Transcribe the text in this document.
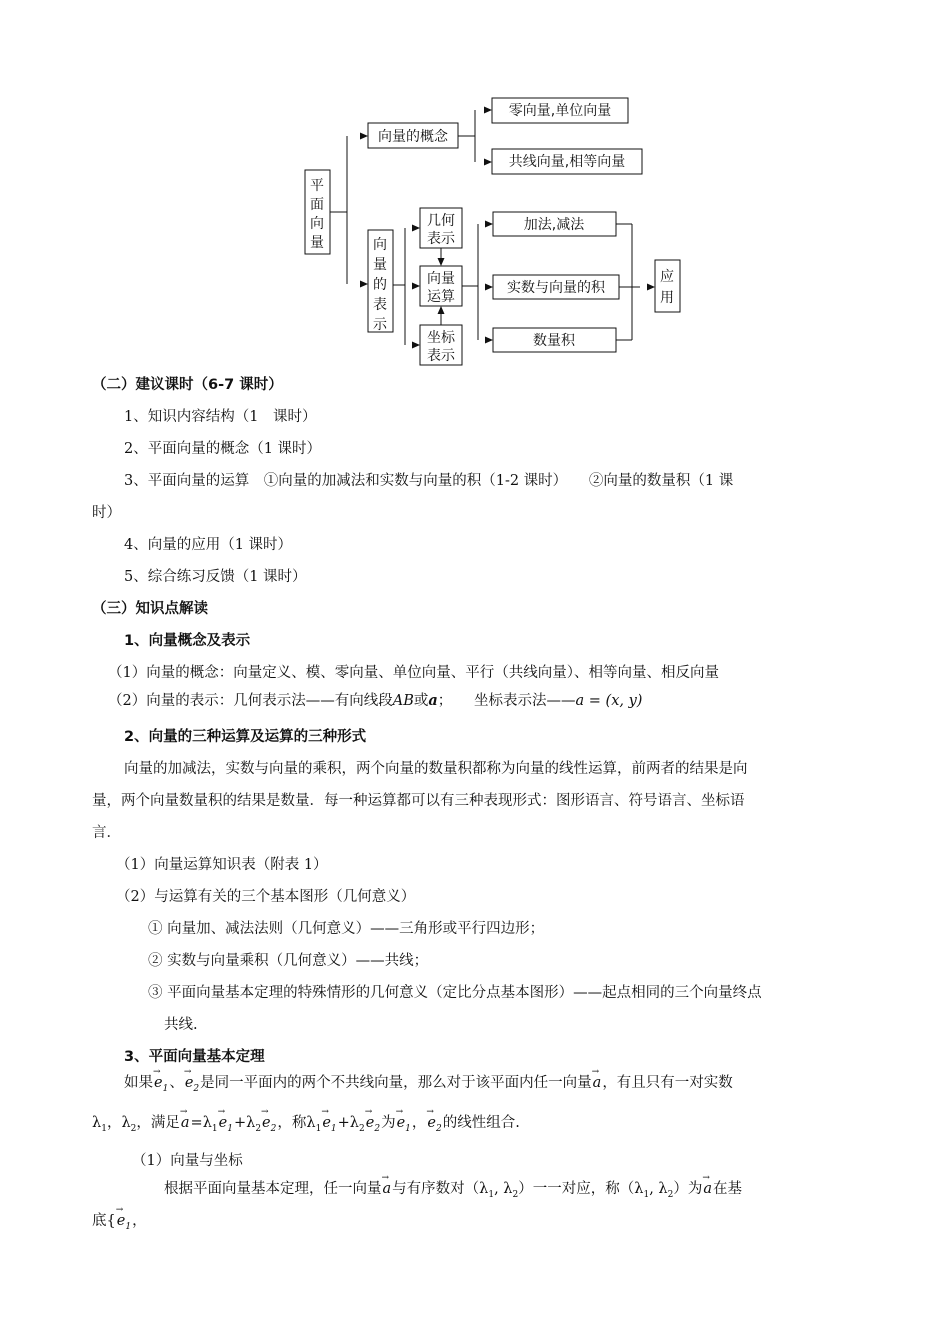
平
面
向
量
向量的概念
零向量,单位向量
共线向量,相等向量
向
量
的
表
示
几何
表示
向量
运算
坐标
表示
加法,减法
实数与向量的积
数量积
应
用
（二）建议课时（6-7 课时）
1、知识内容结构（1　课时）
2、平面向量的概念（1 课时）
3、平面向量的运算　①向量的加减法和实数与向量的积（1-2 课时）　　②向量的数量积（1 课
时）
4、向量的应用（1 课时）
5、综合练习反馈（1 课时）
（三）知识点解读
1、向量概念及表示
（1）向量的概念：向量定义、模、零向量、单位向量、平行（共线向量）、相等向量、相反向量
（2）向量的表示：几何表示法——有向线段AB或a；　　坐标表示法——a = (x, y)
2、向量的三种运算及运算的三种形式
向量的加减法，实数与向量的乘积，两个向量的数量积都称为向量的线性运算，前两者的结果是向
量，两个向量数量积的结果是数量．每一种运算都可以有三种表现形式：图形语言、符号语言、坐标语
言．
（1）向量运算知识表（附表 1）
（2）与运算有关的三个基本图形（几何意义）
① 向量加、减法法则（几何意义）——三角形或平行四边形；
② 实数与向量乘积（几何意义）——共线；
③ 平面向量基本定理的特殊情形的几何意义（定比分点基本图形）——起点相同的三个向量终点
共线.
3、平面向量基本定理
如果→ $e_1$、→ $e_2$是同一平面内的两个不共线向量，那么对于该平面内任一向量→ a，有且只有一对实数
$\lambda_1$，$\lambda_2$，满足→ $a=\lambda_1\to e_1+\lambda_2\to e_2$，称$\lambda_1\to e_1+\lambda_2\to e_2$为→ $e_1$，→ $e_2$的线性组合.
（1）向量与坐标
根据平面向量基本定理，任一向量→ a与有序数对（$\lambda_1$, $\lambda_2$）一一对应，称（$\lambda_1$, $\lambda_2$）为→ a在基
底{→ $e_1$，
